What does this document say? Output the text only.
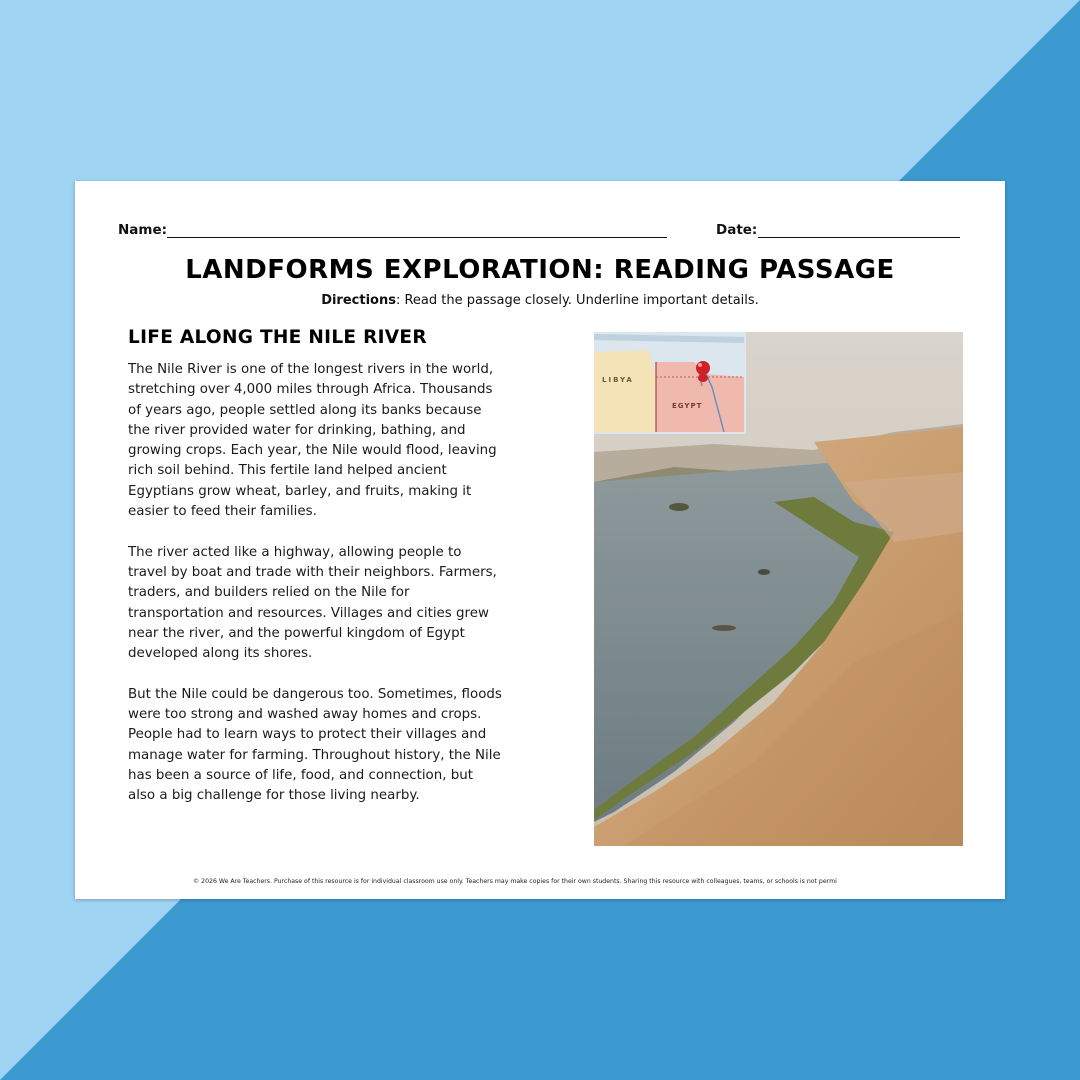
Name:	Date:
LANDFORMS EXPLORATION: READING PASSAGE
Directions: Read the passage closely. Underline important details.
LIFE ALONG THE NILE RIVER

The Nile River is one of the longest rivers in the world, stretching over 4,000 miles through Africa. Thousands of years ago, people settled along its banks because the river provided water for drinking, bathing, and growing crops. Each year, the Nile would flood, leaving rich soil behind. This fertile land helped ancient Egyptians grow wheat, barley, and fruits, making it easier to feed their families.

The river acted like a highway, allowing people to travel by boat and trade with their neighbors. Farmers, traders, and builders relied on the Nile for transportation and resources. Villages and cities grew near the river, and the powerful kingdom of Egypt developed along its shores.

But the Nile could be dangerous too. Sometimes, floods were too strong and washed away homes and crops. People had to learn ways to protect their villages and manage water for farming. Throughout history, the Nile has been a source of life, food, and connection, but also a big challenge for those living nearby.

LIBYA
EGYPT
© 2026 We Are Teachers. Purchase of this resource is for individual classroom use only. Teachers may make copies for their own students. Sharing this resource with colleagues, teams, or schools is not permi
